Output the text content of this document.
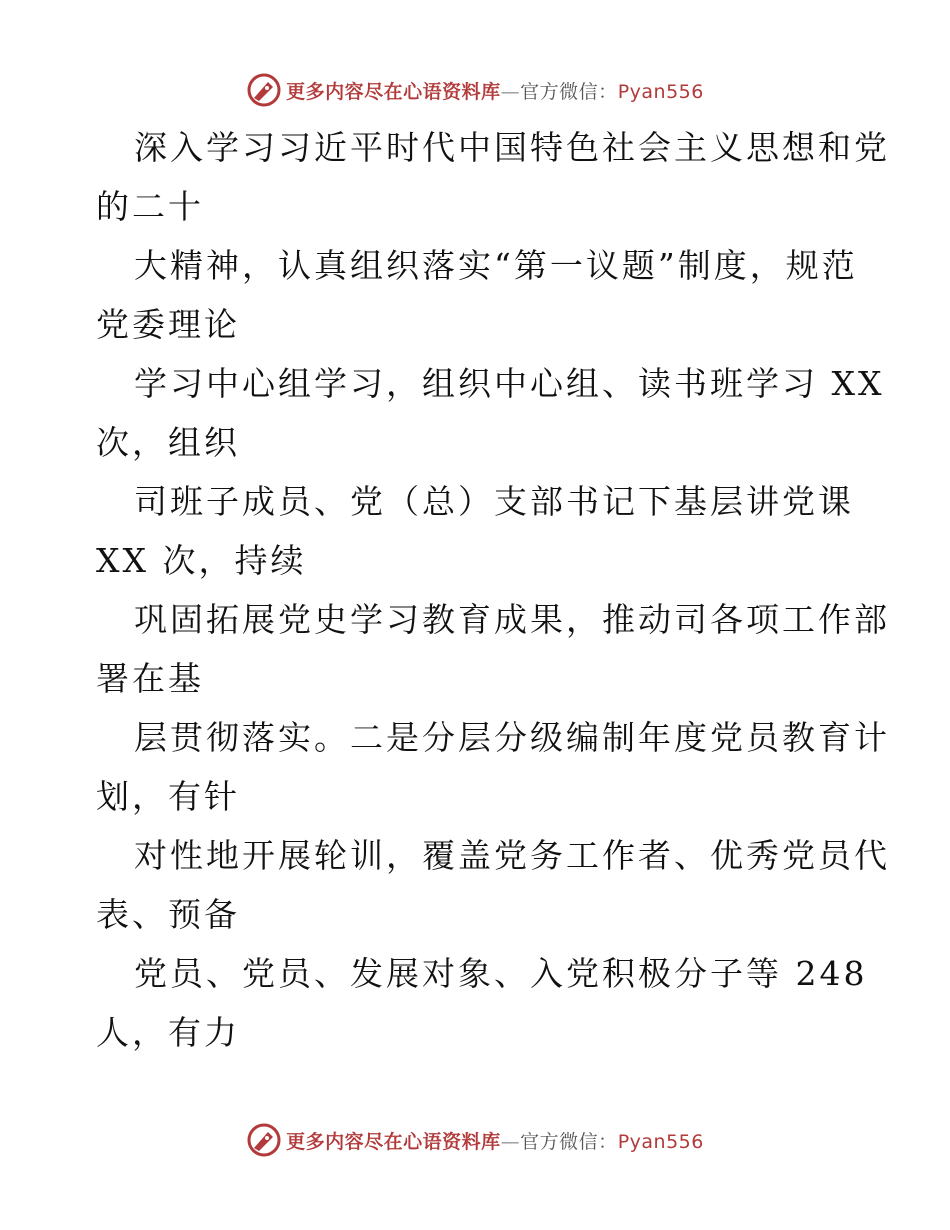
更多内容尽在心语资料库—官方微信：Pyan556
深入学习习近平时代中国特色社会主义思想和党
的二十
大精神，认真组织落实“第一议题”制度，规范
党委理论
学习中心组学习，组织中心组、读书班学习 XX
次，组织
司班子成员、党（总）支部书记下基层讲党课
XX 次，持续
巩固拓展党史学习教育成果，推动司各项工作部
署在基
层贯彻落实。二是分层分级编制年度党员教育计
划，有针
对性地开展轮训，覆盖党务工作者、优秀党员代
表、预备
党员、党员、发展对象、入党积极分子等 248
人，有力
更多内容尽在心语资料库—官方微信：Pyan556
